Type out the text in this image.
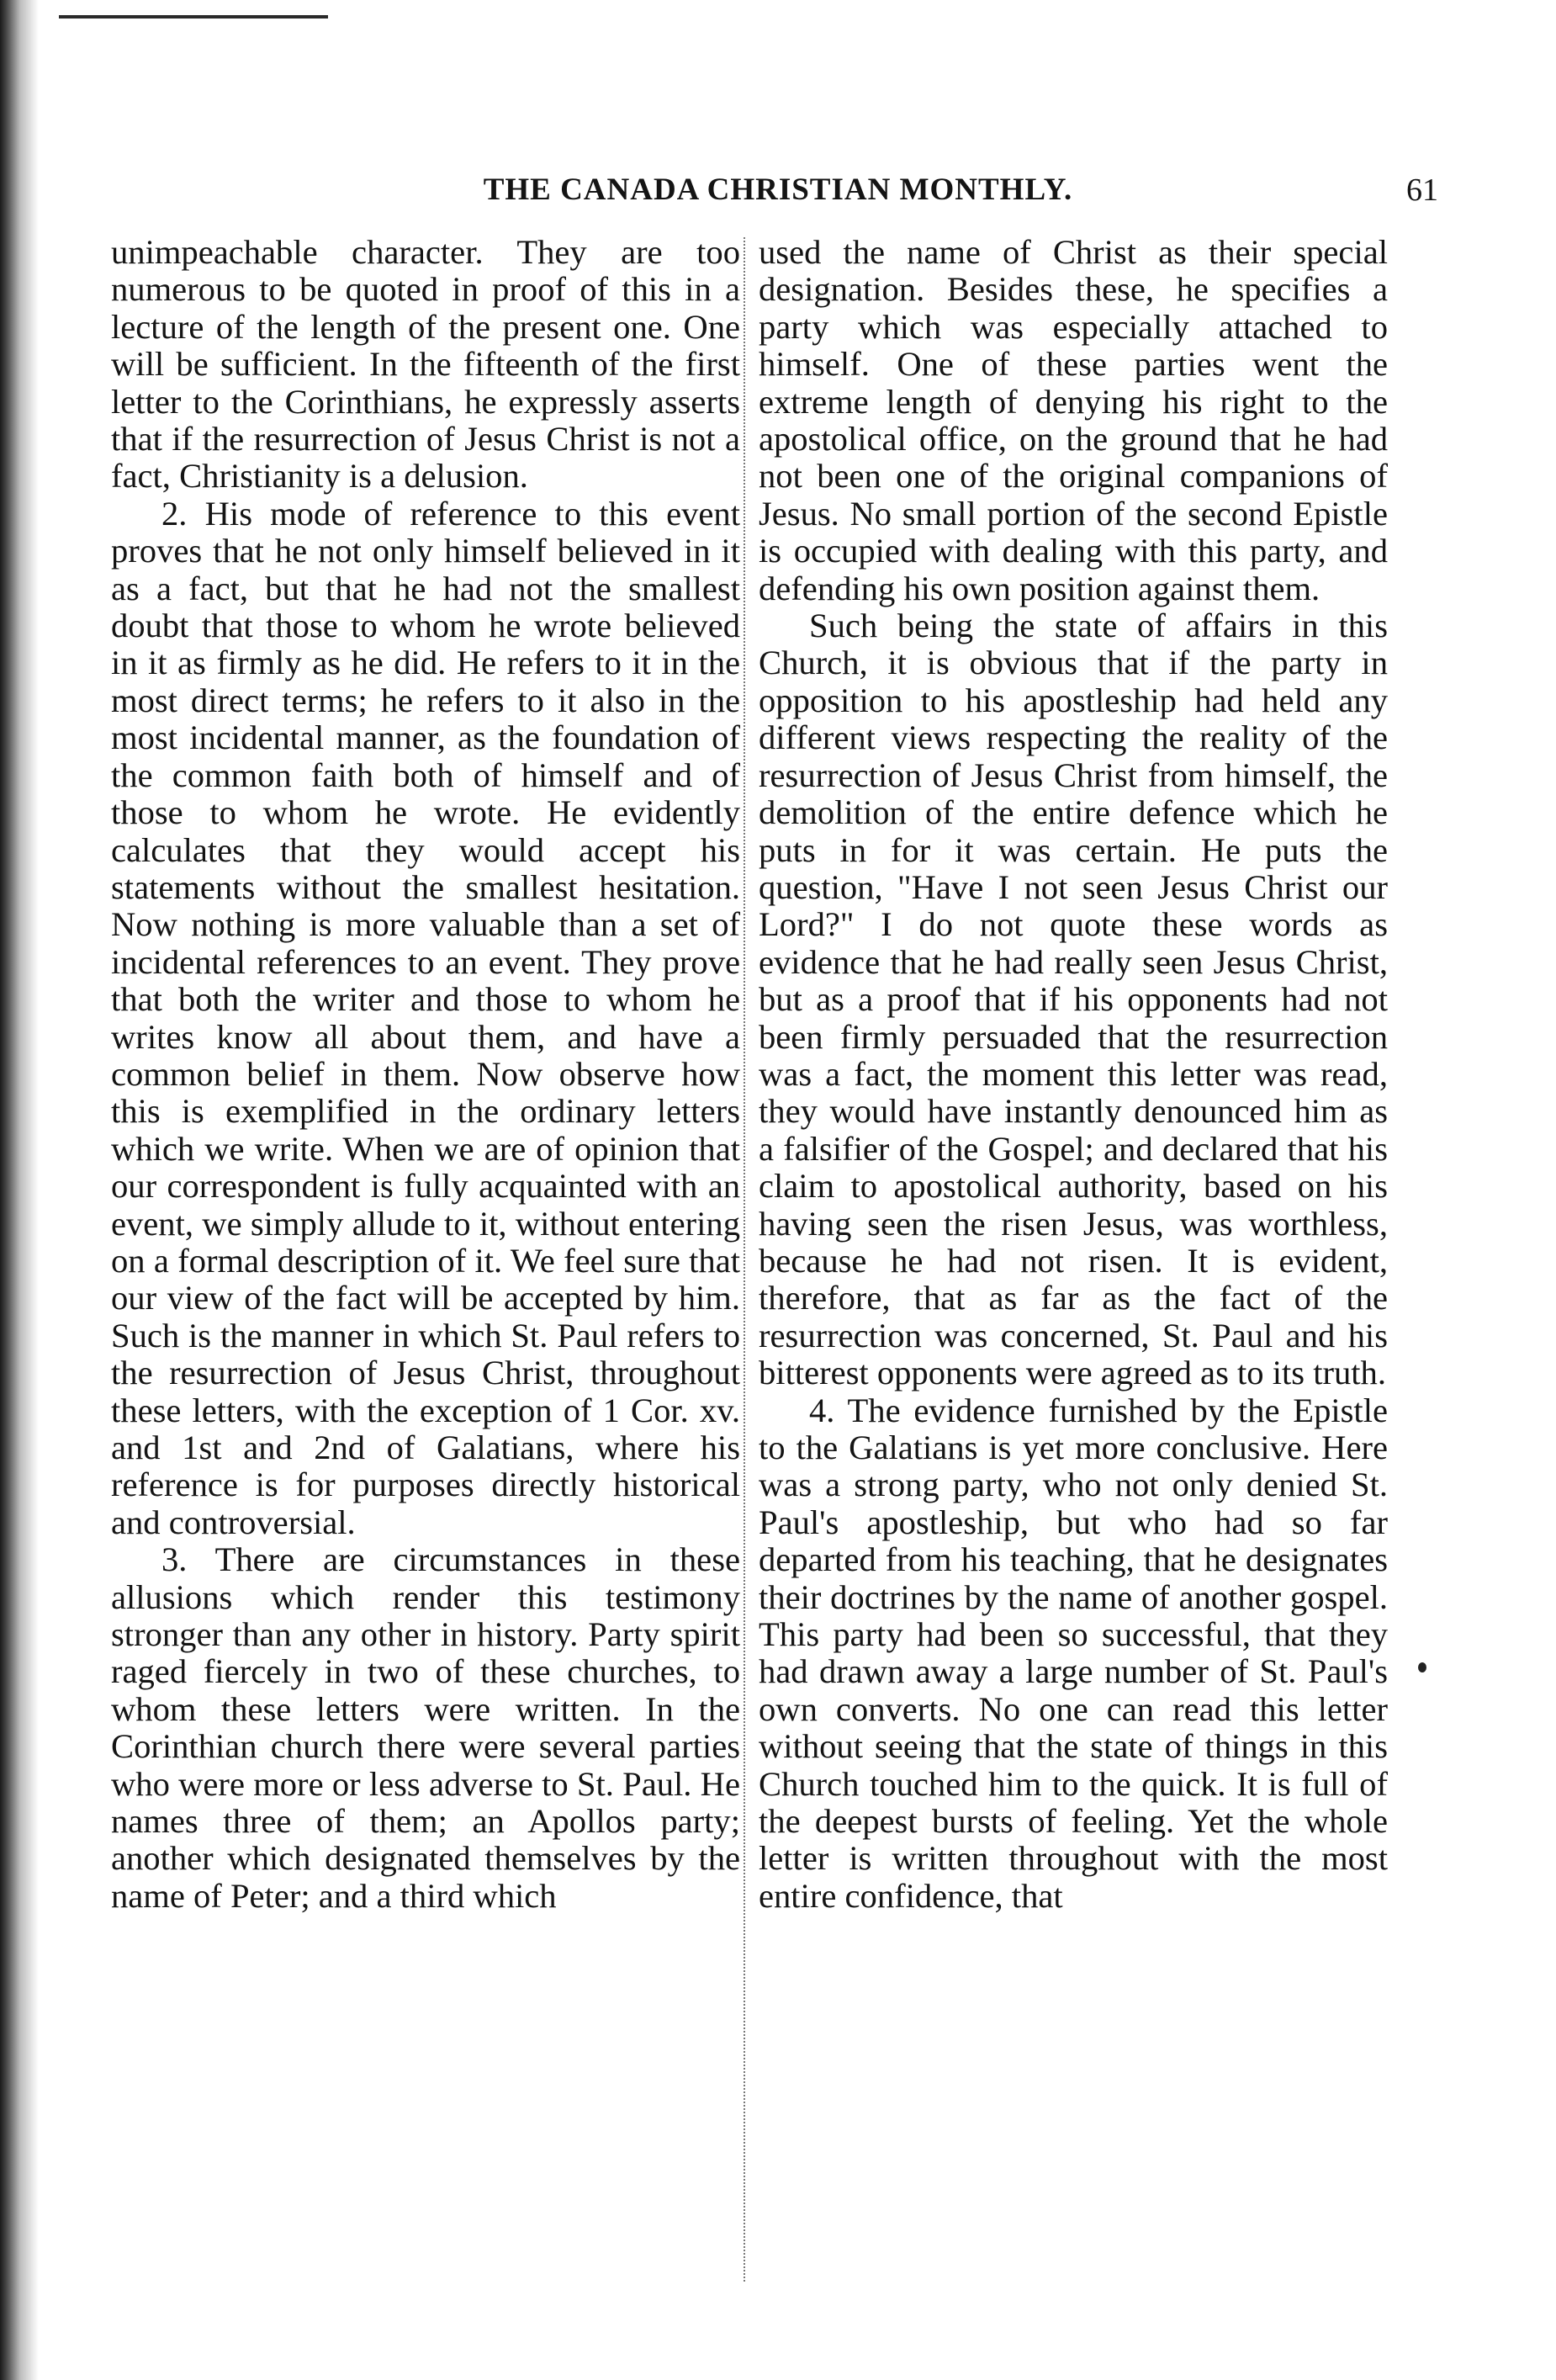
THE CANADA CHRISTIAN MONTHLY.	61

unimpeachable character. They are too numerous to be quoted in proof of this in a lecture of the length of the present one. One will be sufficient. In the fifteenth of the first letter to the Corinthians, he expressly asserts that if the resurrection of Jesus Christ is not a fact, Christianity is a delusion.

2. His mode of reference to this event proves that he not only himself believed in it as a fact, but that he had not the smallest doubt that those to whom he wrote believed in it as firmly as he did. He refers to it in the most direct terms; he refers to it also in the most incidental manner, as the foundation of the common faith both of himself and of those to whom he wrote. He evidently calculates that they would accept his statements without the smallest hesitation. Now nothing is more valuable than a set of incidental references to an event. They prove that both the writer and those to whom he writes know all about them, and have a common belief in them. Now observe how this is exemplified in the ordinary letters which we write. When we are of opinion that our correspondent is fully acquainted with an event, we simply allude to it, without entering on a formal description of it. We feel sure that our view of the fact will be accepted by him. Such is the manner in which St. Paul refers to the resurrection of Jesus Christ, throughout these letters, with the exception of 1 Cor. xv. and 1st and 2nd of Galatians, where his reference is for purposes directly historical and controversial.

3. There are circumstances in these allusions which render this testimony stronger than any other in history. Party spirit raged fiercely in two of these churches, to whom these letters were written. In the Corinthian church there were several parties who were more or less adverse to St. Paul. He names three of them; an Apollos party; another which designated themselves by the name of Peter; and a third which

used the name of Christ as their special designation. Besides these, he specifies a party which was especially attached to himself. One of these parties went the extreme length of denying his right to the apostolical office, on the ground that he had not been one of the original companions of Jesus. No small portion of the second Epistle is occupied with dealing with this party, and defending his own position against them.

Such being the state of affairs in this Church, it is obvious that if the party in opposition to his apostleship had held any different views respecting the reality of the resurrection of Jesus Christ from himself, the demolition of the entire defence which he puts in for it was certain. He puts the question, "Have I not seen Jesus Christ our Lord?" I do not quote these words as evidence that he had really seen Jesus Christ, but as a proof that if his opponents had not been firmly persuaded that the resurrection was a fact, the moment this letter was read, they would have instantly denounced him as a falsifier of the Gospel; and declared that his claim to apostolical authority, based on his having seen the risen Jesus, was worthless, because he had not risen. It is evident, therefore, that as far as the fact of the resurrection was concerned, St. Paul and his bitterest opponents were agreed as to its truth.

4. The evidence furnished by the Epistle to the Galatians is yet more conclusive. Here was a strong party, who not only denied St. Paul's apostleship, but who had so far departed from his teaching, that he designates their doctrines by the name of another gospel. This party had been so successful, that they had drawn away a large number of St. Paul's own converts. No one can read this letter without seeing that the state of things in this Church touched him to the quick. It is full of the deepest bursts of feeling. Yet the whole letter is written throughout with the most entire confidence, that
